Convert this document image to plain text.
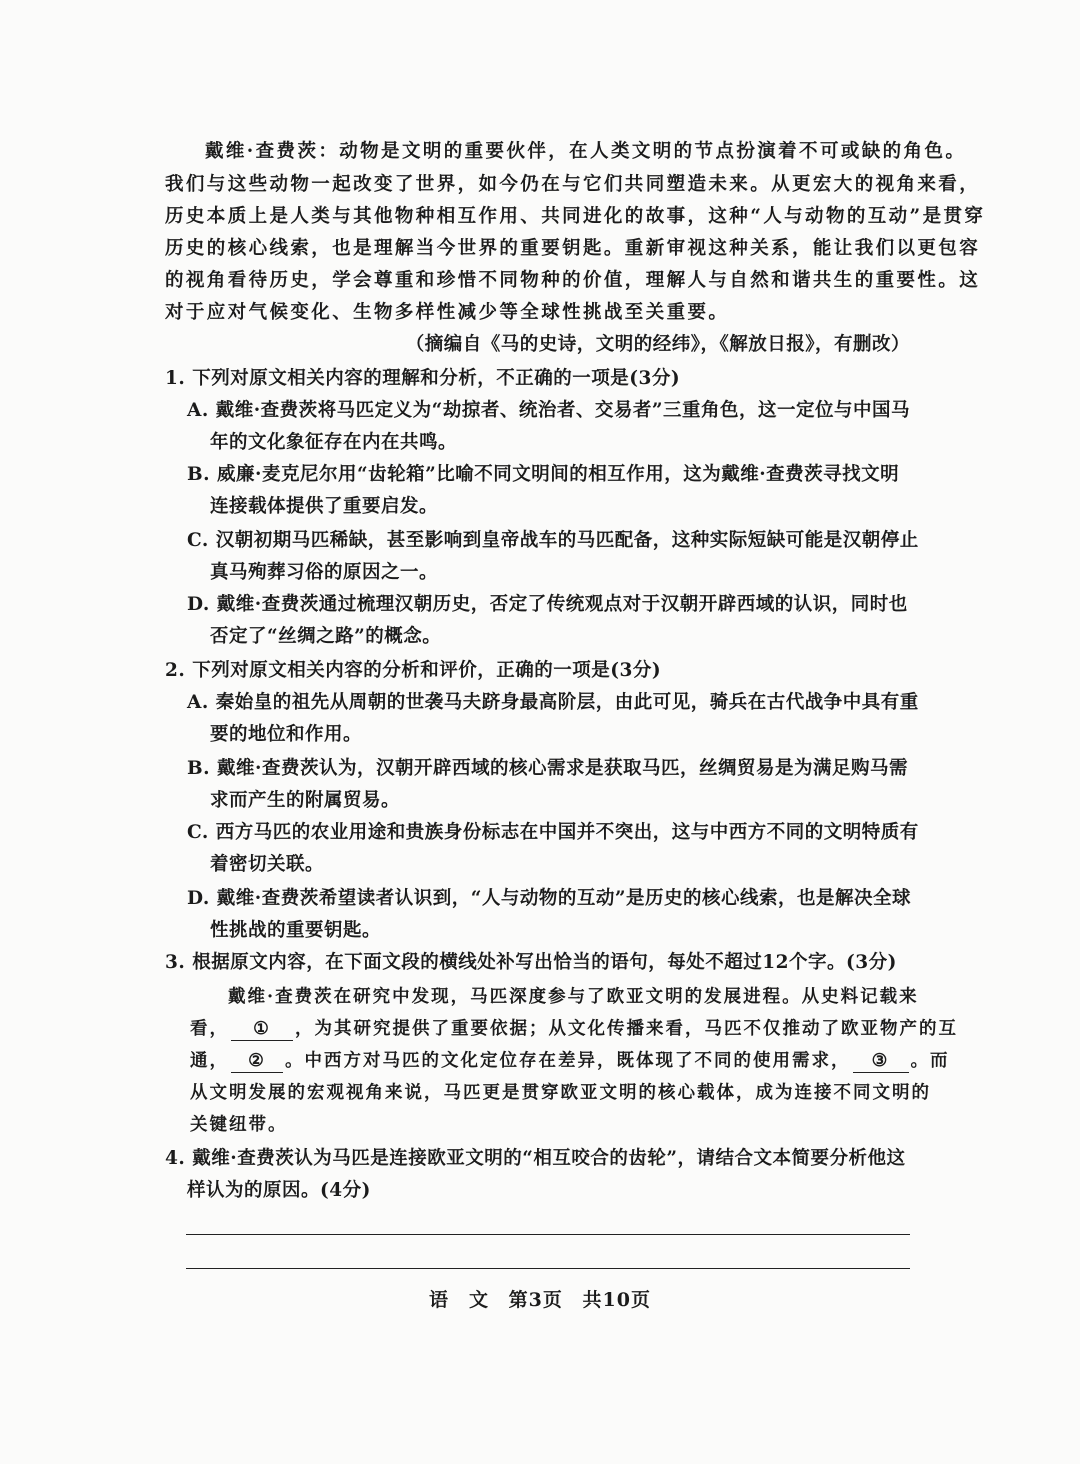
戴维·查费茨：动物是文明的重要伙伴，在人类文明的节点扮演着不可或缺的角色。
我们与这些动物一起改变了世界，如今仍在与它们共同塑造未来。从更宏大的视角来看，
历史本质上是人类与其他物种相互作用、共同进化的故事，这种“人与动物的互动”是贯穿
历史的核心线索，也是理解当今世界的重要钥匙。重新审视这种关系，能让我们以更包容
的视角看待历史，学会尊重和珍惜不同物种的价值，理解人与自然和谐共生的重要性。这
对于应对气候变化、生物多样性减少等全球性挑战至关重要。
（摘编自《马的史诗，文明的经纬》，《解放日报》，有删改）
1. 下列对原文相关内容的理解和分析，不正确的一项是(3分)
A. 戴维·查费茨将马匹定义为“劫掠者、统治者、交易者”三重角色，这一定位与中国马
年的文化象征存在内在共鸣。
B. 威廉·麦克尼尔用“齿轮箱”比喻不同文明间的相互作用，这为戴维·查费茨寻找文明
连接载体提供了重要启发。
C. 汉朝初期马匹稀缺，甚至影响到皇帝战车的马匹配备，这种实际短缺可能是汉朝停止
真马殉葬习俗的原因之一。
D. 戴维·查费茨通过梳理汉朝历史，否定了传统观点对于汉朝开辟西域的认识，同时也
否定了“丝绸之路”的概念。
2. 下列对原文相关内容的分析和评价，正确的一项是(3分)
A. 秦始皇的祖先从周朝的世袭马夫跻身最高阶层，由此可见，骑兵在古代战争中具有重
要的地位和作用。
B. 戴维·查费茨认为，汉朝开辟西域的核心需求是获取马匹，丝绸贸易是为满足购马需
求而产生的附属贸易。
C. 西方马匹的农业用途和贵族身份标志在中国并不突出，这与中西方不同的文明特质有
着密切关联。
D. 戴维·查费茨希望读者认识到，“人与动物的互动”是历史的核心线索，也是解决全球
性挑战的重要钥匙。
3. 根据原文内容，在下面文段的横线处补写出恰当的语句，每处不超过12个字。(3分)
戴维·查费茨在研究中发现，马匹深度参与了欧亚文明的发展进程。从史料记载来
看， ① ，为其研究提供了重要依据；从文化传播来看，马匹不仅推动了欧亚物产的互
通， ② 。中西方对马匹的文化定位存在差异，既体现了不同的使用需求， ③ 。而
从文明发展的宏观视角来说，马匹更是贯穿欧亚文明的核心载体，成为连接不同文明的
关键纽带。
4. 戴维·查费茨认为马匹是连接欧亚文明的“相互咬合的齿轮”，请结合文本简要分析他这
样认为的原因。(4分)
语　文 第3页 共10页
